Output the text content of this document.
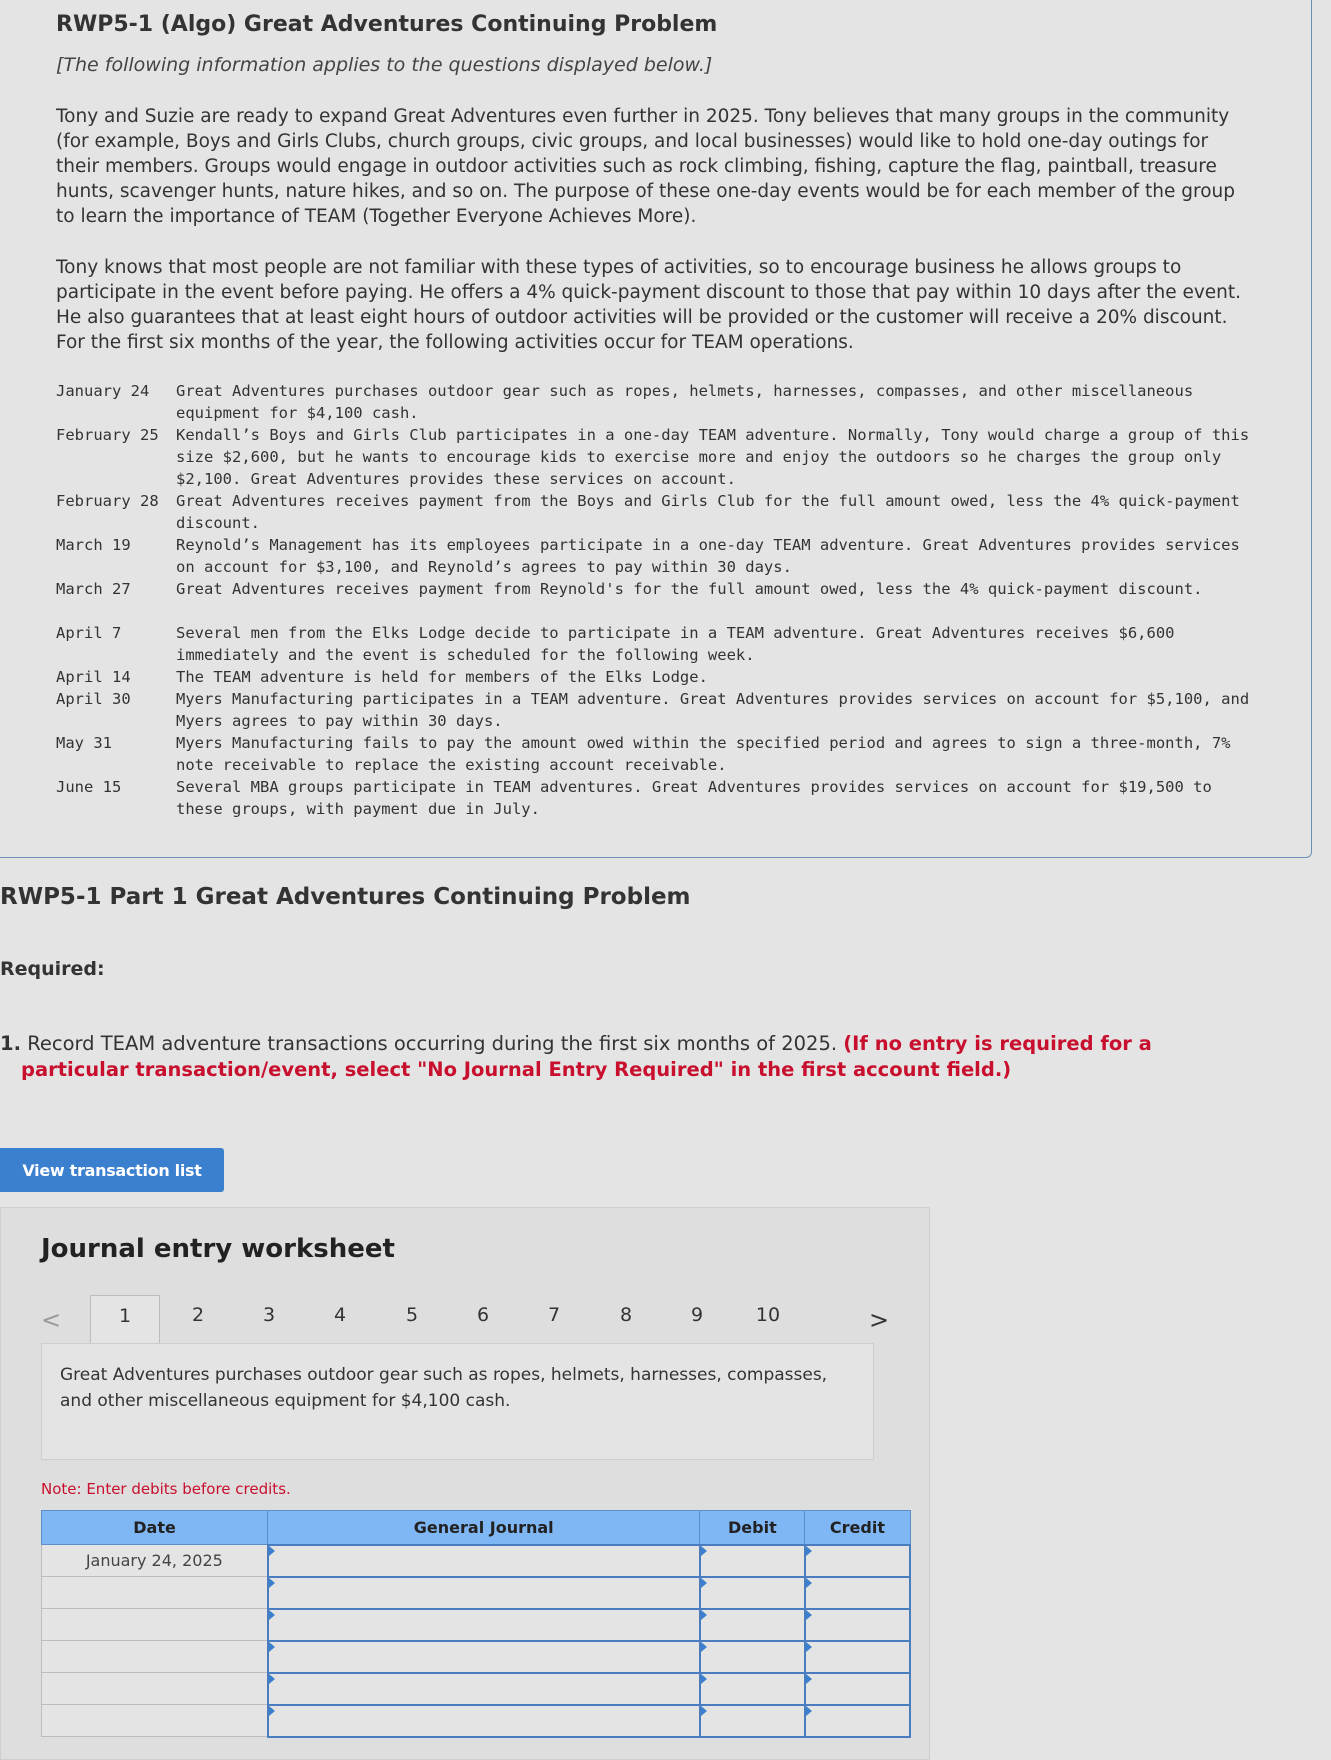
RWP5-1 (Algo) Great Adventures Continuing Problem
[The following information applies to the questions displayed below.]
Tony and Suzie are ready to expand Great Adventures even further in 2025. Tony believes that many groups in the community (for example, Boys and Girls Clubs, church groups, civic groups, and local businesses) would like to hold one-day outings for their members. Groups would engage in outdoor activities such as rock climbing, fishing, capture the flag, paintball, treasure hunts, scavenger hunts, nature hikes, and so on. The purpose of these one-day events would be for each member of the group to learn the importance of TEAM (Together Everyone Achieves More).
Tony knows that most people are not familiar with these types of activities, so to encourage business he allows groups to participate in the event before paying. He offers a 4% quick-payment discount to those that pay within 10 days after the event. He also guarantees that at least eight hours of outdoor activities will be provided or the customer will receive a 20% discount. For the first six months of the year, the following activities occur for TEAM operations.
January 24 Great Adventures purchases outdoor gear such as ropes, helmets, harnesses, compasses, and other miscellaneous equipment for $4,100 cash.
February 25 Kendall’s Boys and Girls Club participates in a one-day TEAM adventure. Normally, Tony would charge a group of this size $2,600, but he wants to encourage kids to exercise more and enjoy the outdoors so he charges the group only $2,100. Great Adventures provides these services on account.
February 28 Great Adventures receives payment from the Boys and Girls Club for the full amount owed, less the 4% quick-payment discount.
March 19	Reynold’s Management has its employees participate in a one-day TEAM adventure. Great Adventures provides services on account for $3,100, and Reynold’s agrees to pay within 30 days.
March 27	Great Adventures receives payment from Reynold's for the full amount owed, less the 4% quick-payment discount.
April 7	Several men from the Elks Lodge decide to participate in a TEAM adventure. Great Adventures receives $6,600 immediately and the event is scheduled for the following week.
April 14	The TEAM adventure is held for members of the Elks Lodge.
April 30	Myers Manufacturing participates in a TEAM adventure. Great Adventures provides services on account for $5,100, and Myers agrees to pay within 30 days.
May 31	Myers Manufacturing fails to pay the amount owed within the specified period and agrees to sign a three-month, 7% note receivable to replace the existing account receivable.
June 15	Several MBA groups participate in TEAM adventures. Great Adventures provides services on account for $19,500 to these groups, with payment due in July.
RWP5-1 Part 1 Great Adventures Continuing Problem
Required:
1. Record TEAM adventure transactions occurring during the first six months of 2025. (If no entry is required for a particular transaction/event, select "No Journal Entry Required" in the first account field.)
View transaction list
Journal entry worksheet
<	1	2	3	4	5	6	7	8	9	10	>
Great Adventures purchases outdoor gear such as ropes, helmets, harnesses, compasses, and other miscellaneous equipment for $4,100 cash.
Note: Enter debits before credits.
Date	General Journal	Debit	Credit
January 24, 2025			
